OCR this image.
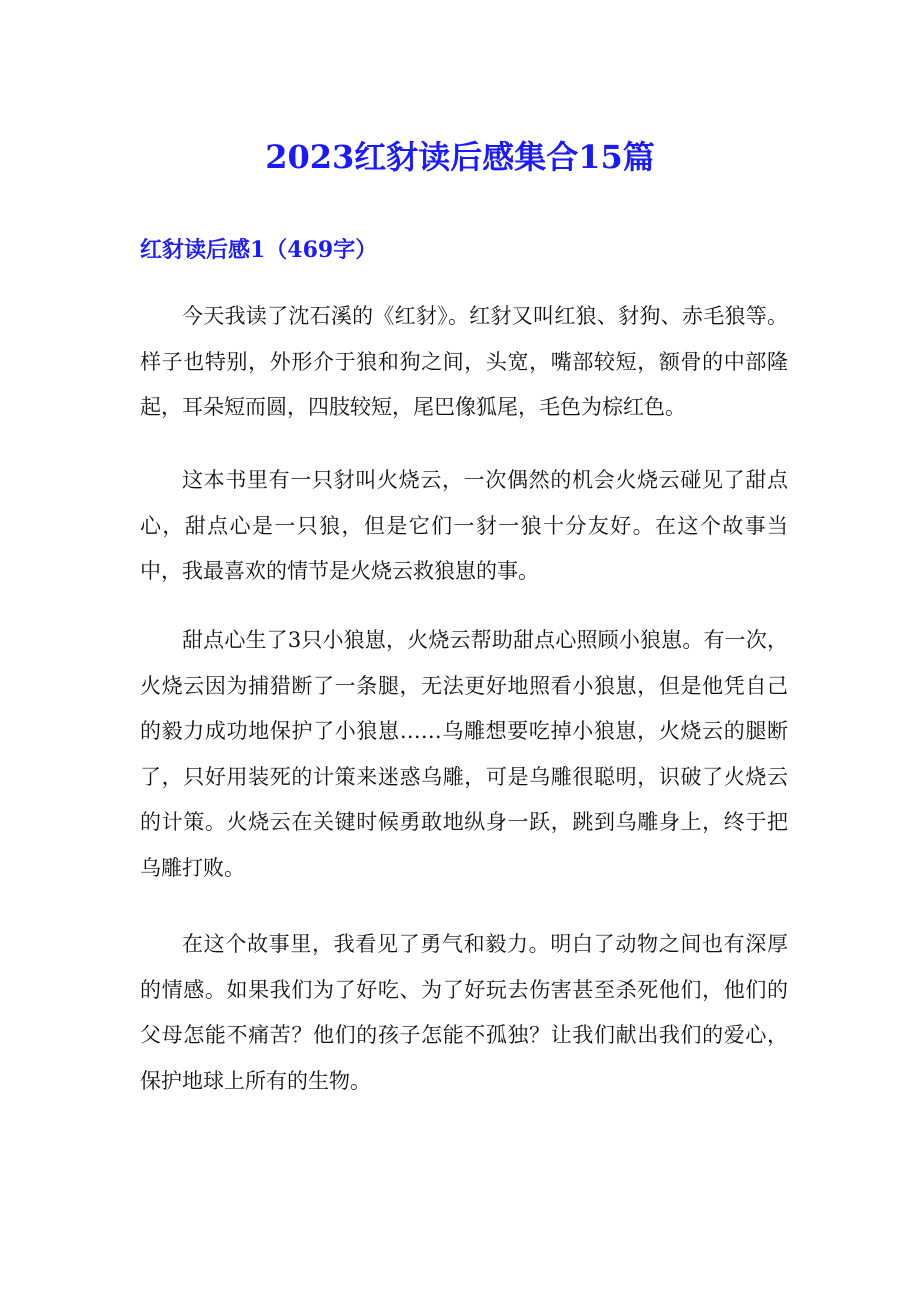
2023红豺读后感集合15篇
红豺读后感1（469字）

今天我读了沈石溪的《红豺》。红豺又叫红狼、豺狗、赤毛狼等。样子也特别，外形介于狼和狗之间，头宽，嘴部较短，额骨的中部隆起，耳朵短而圆，四肢较短，尾巴像狐尾，毛色为棕红色。

这本书里有一只豺叫火烧云，一次偶然的机会火烧云碰见了甜点心，甜点心是一只狼，但是它们一豺一狼十分友好。在这个故事当中，我最喜欢的情节是火烧云救狼崽的事。

甜点心生了3只小狼崽，火烧云帮助甜点心照顾小狼崽。有一次，火烧云因为捕猎断了一条腿，无法更好地照看小狼崽，但是他凭自己的毅力成功地保护了小狼崽……乌雕想要吃掉小狼崽，火烧云的腿断了，只好用装死的计策来迷惑乌雕，可是乌雕很聪明，识破了火烧云的计策。火烧云在关键时候勇敢地纵身一跃，跳到乌雕身上，终于把乌雕打败。

在这个故事里，我看见了勇气和毅力。明白了动物之间也有深厚的情感。如果我们为了好吃、为了好玩去伤害甚至杀死他们，他们的父母怎能不痛苦？他们的孩子怎能不孤独？让我们献出我们的爱心，保护地球上所有的生物。
